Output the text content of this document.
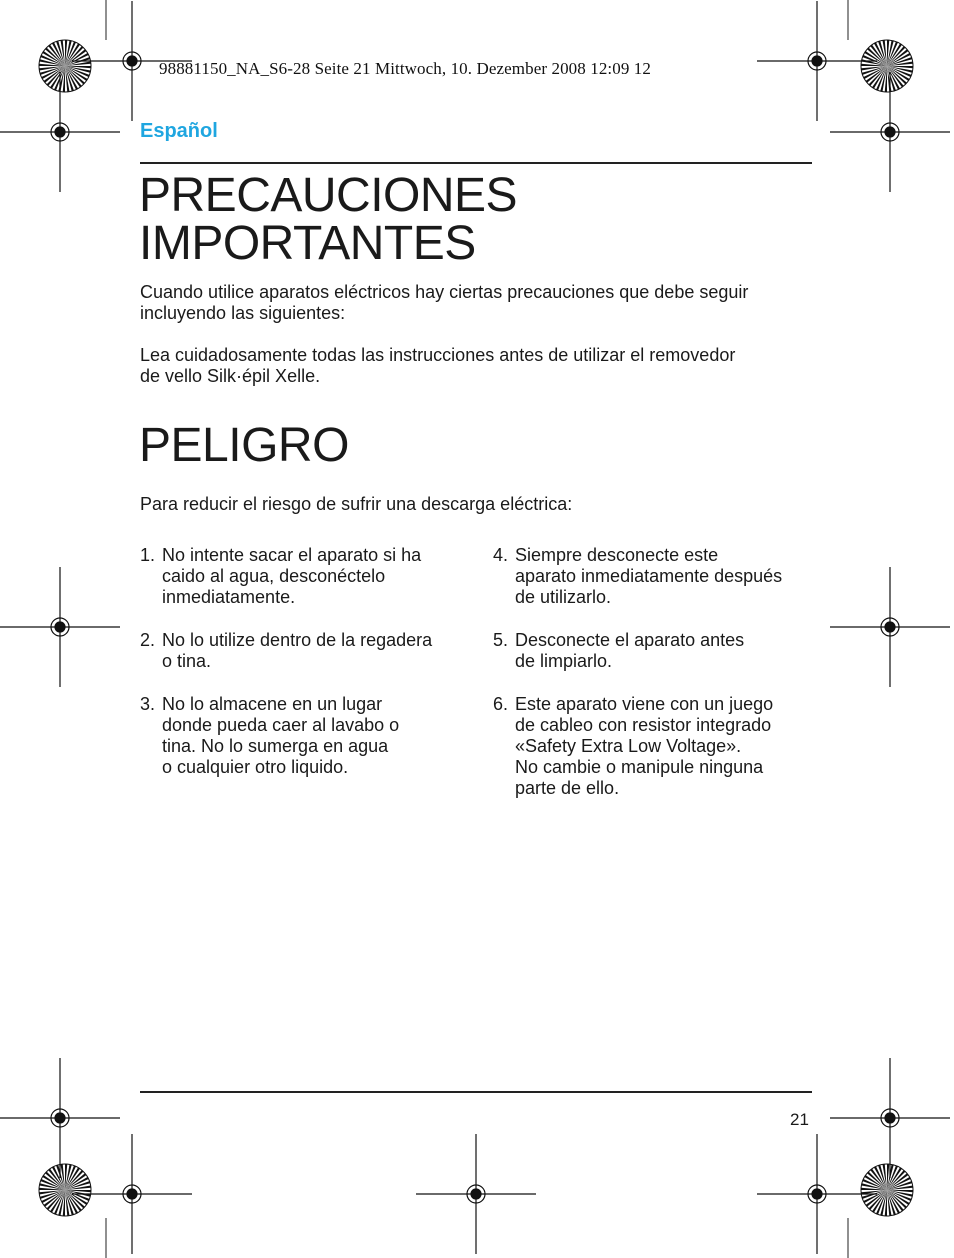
98881150_NA_S6-28 Seite 21 Mittwoch, 10. Dezember 2008 12:09 12
Español
PRECAUCIONES
IMPORTANTES
Cuando utilice aparatos eléctricos hay ciertas precauciones que debe seguir
incluyendo las siguientes:
Lea cuidadosamente todas las instrucciones antes de utilizar el removedor
de vello Silk·épil Xelle.
PELIGRO
Para reducir el riesgo de sufrir una descarga eléctrica:
1. No intente sacar el aparato si ha
caido al agua, desconéctelo
inmediatamente.
2. No lo utilize dentro de la regadera
o tina.
3. No lo almacene en un lugar
donde pueda caer al lavabo o
tina. No lo sumerga en agua
o cualquier otro liquido.
4. Siempre desconecte este
aparato inmediatamente después
de utilizarlo.
5. Desconecte el aparato antes
de limpiarlo.
6. Este aparato viene con un juego
de cableo con resistor integrado
«Safety Extra Low Voltage».
No cambie o manipule ninguna
parte de ello.
21
